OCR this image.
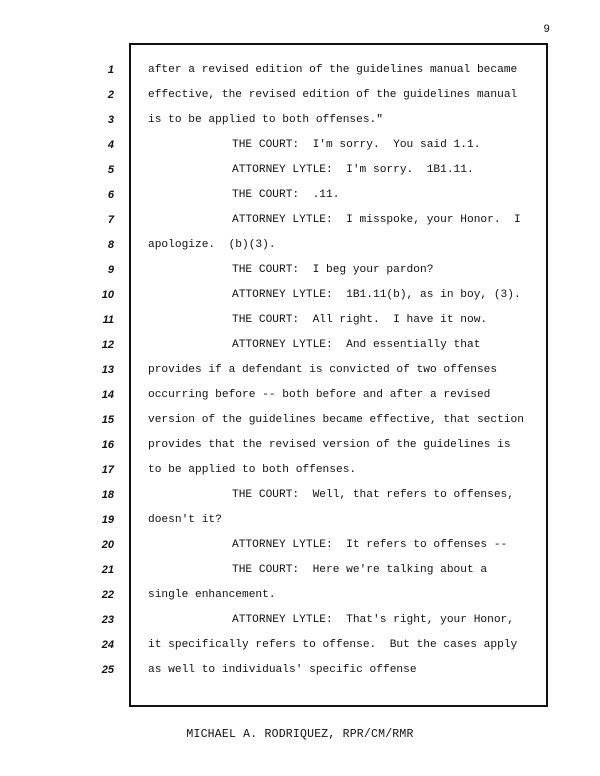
9
1	after a revised edition of the guidelines manual became
2	effective, the revised edition of the guidelines manual
3	is to be applied to both offenses."
4	THE COURT:  I'm sorry.  You said 1.1.
5	ATTORNEY LYTLE:  I'm sorry.  1B1.11.
6	THE COURT:  .11.
7	ATTORNEY LYTLE:  I misspoke, your Honor.  I
8	apologize.  (b)(3).
9	THE COURT:  I beg your pardon?
10	ATTORNEY LYTLE:  1B1.11(b), as in boy, (3).
11	THE COURT:  All right.  I have it now.
12	ATTORNEY LYTLE:  And essentially that
13	provides if a defendant is convicted of two offenses
14	occurring before -- both before and after a revised
15	version of the guidelines became effective, that section
16	provides that the revised version of the guidelines is
17	to be applied to both offenses.
18	THE COURT:  Well, that refers to offenses,
19	doesn't it?
20	ATTORNEY LYTLE:  It refers to offenses --
21	THE COURT:  Here we're talking about a
22	single enhancement.
23	ATTORNEY LYTLE:  That's right, your Honor,
24	it specifically refers to offense.  But the cases apply
25	as well to individuals' specific offense
MICHAEL A. RODRIQUEZ, RPR/CM/RMR
